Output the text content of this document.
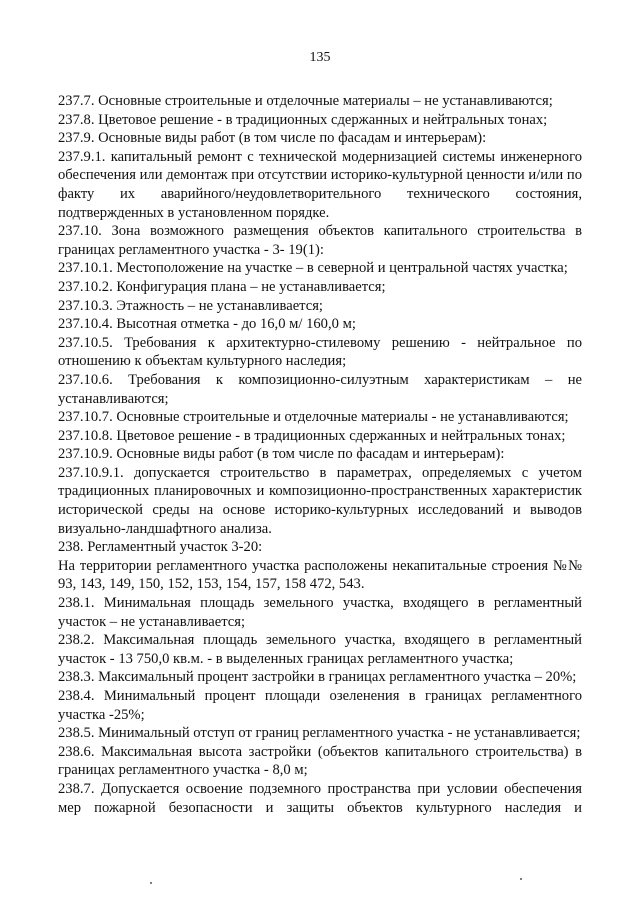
135

237.7. Основные строительные и отделочные материалы – не устанавливаются;

237.8. Цветовое решение - в традиционных сдержанных и нейтральных тонах;

237.9. Основные виды работ (в том числе по фасадам и интерьерам):

237.9.1. капитальный ремонт с технической модернизацией системы инженерного обеспечения или демонтаж при отсутствии историко-культурной ценности и/или по факту их аварийного/неудовлетворительного технического состояния, подтвержденных в установленном порядке.

237.10. Зона возможного размещения объектов капитального строительства в границах регламентного участка - 3- 19(1):

237.10.1. Местоположение на участке – в северной и центральной частях участка;

237.10.2. Конфигурация плана – не устанавливается;

237.10.3. Этажность – не устанавливается;

237.10.4. Высотная отметка - до 16,0 м/ 160,0 м;

237.10.5. Требования к архитектурно-стилевому решению - нейтральное по отношению к объектам культурного наследия;

237.10.6. Требования к композиционно-силуэтным характеристикам – не устанавливаются;

237.10.7. Основные строительные и отделочные материалы - не устанавливаются;

237.10.8. Цветовое решение - в традиционных сдержанных и нейтральных тонах;

237.10.9. Основные виды работ (в том числе по фасадам и интерьерам):

237.10.9.1. допускается строительство в параметрах, определяемых с учетом традиционных планировочных и композиционно-пространственных характеристик исторической среды на основе историко-культурных исследований и выводов визуально-ландшафтного анализа.

238. Регламентный участок 3-20:

На территории регламентного участка расположены некапитальные строения №№ 93, 143, 149, 150, 152, 153, 154, 157, 158 472, 543.

238.1. Минимальная площадь земельного участка, входящего в регламентный участок – не устанавливается;

238.2. Максимальная площадь земельного участка, входящего в регламентный участок - 13 750,0 кв.м. - в выделенных границах регламентного участка;

238.3. Максимальный процент застройки в границах регламентного участка – 20%;

238.4. Минимальный процент площади озеленения в границах регламентного участка -25%;

238.5. Минимальный отступ от границ регламентного участка - не устанавливается;

238.6. Максимальная высота застройки (объектов капитального строительства) в границах регламентного участка - 8,0 м;

238.7. Допускается освоение подземного пространства при условии обеспечения мер пожарной безопасности и защиты объектов культурного наследия и
